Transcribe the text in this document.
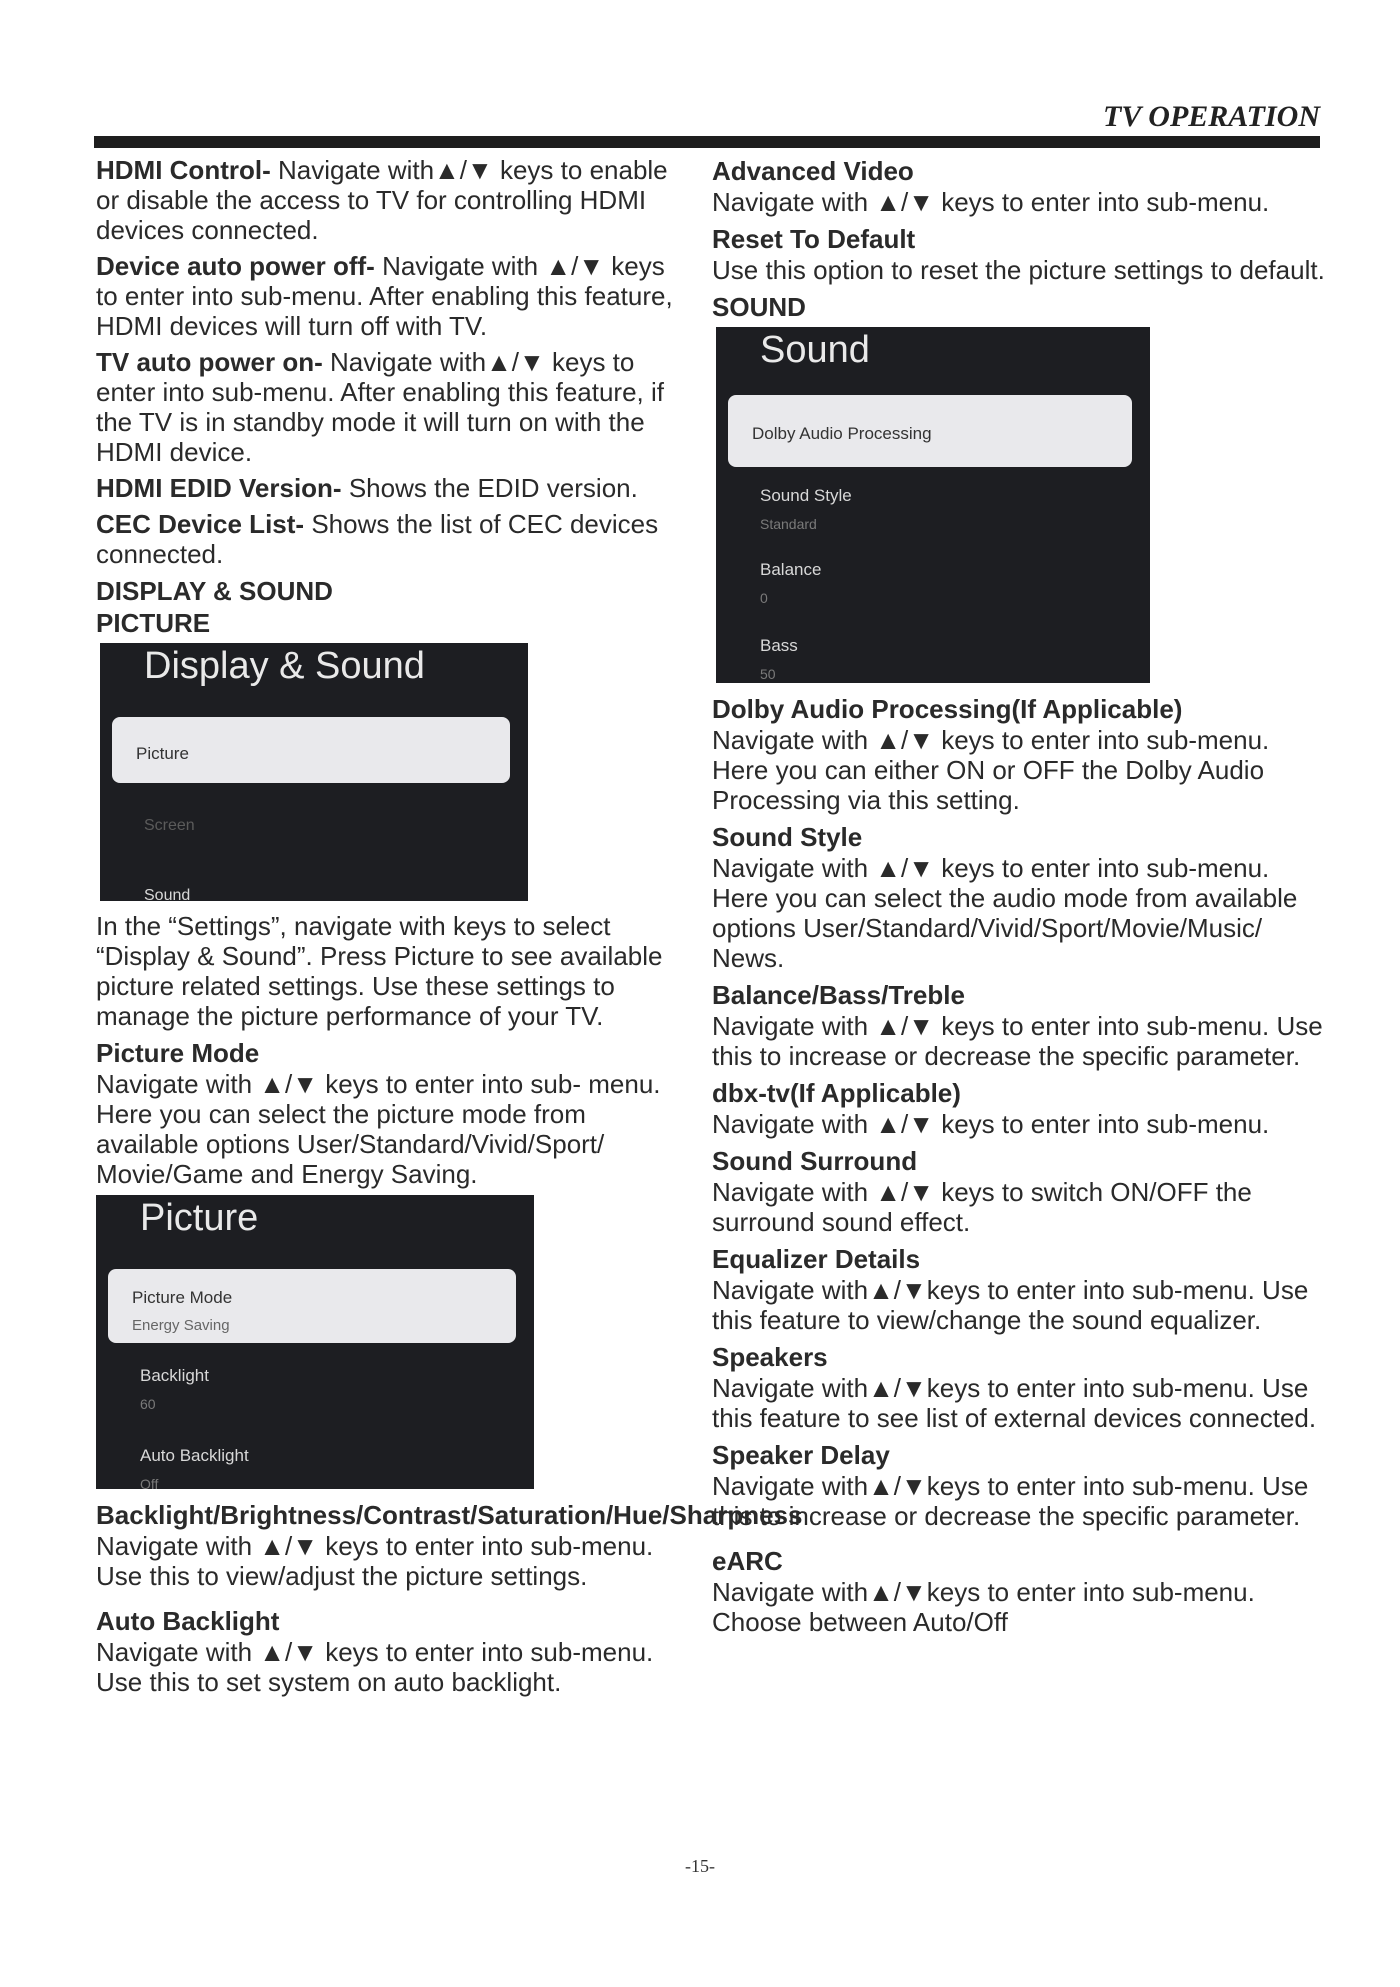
TV OPERATION

HDMI Control- Navigate with▲/▼ keys to enable or disable the access to TV for controlling HDMI devices connected.

Device auto power off- Navigate with ▲/▼ keys to enter into sub-menu. After enabling this feature, HDMI devices will turn off with TV.

TV auto power on- Navigate with▲/▼ keys to enter into sub-menu. After enabling this feature, if the TV is in standby mode it will turn on with the HDMI device.

HDMI EDID Version- Shows the EDID version.

CEC Device List- Shows the list of CEC devices connected.

DISPLAY & SOUND
PICTURE
Display & Sound
Picture
Screen
Sound

In the “Settings”, navigate with keys to select “Display & Sound”. Press Picture to see available picture related settings. Use these settings to manage the picture performance of your TV.

Picture Mode

Navigate with ▲/▼ keys to enter into sub- menu. Here you can select the picture mode from available options User/Standard/Vivid/Sport/ Movie/Game and Energy Saving.

Picture
Picture Mode
Energy Saving
Backlight
60
Auto Backlight
Off
Backlight/Brightness/Contrast/Saturation/Hue/Sharpness

Navigate with ▲/▼ keys to enter into sub-menu. Use this to view/adjust the picture settings.

Auto Backlight

Navigate with ▲/▼ keys to enter into sub-menu. Use this to set system on auto backlight.

Advanced Video

Navigate with ▲/▼ keys to enter into sub-menu.

Reset To Default

Use this option to reset the picture settings to default.

SOUND
Sound
Dolby Audio Processing
Sound Style
Standard
Balance
0
Bass
50
Dolby Audio Processing(If Applicable)

Navigate with ▲/▼ keys to enter into sub-menu. Here you can either ON or OFF the Dolby Audio Processing via this setting.

Sound Style

Navigate with ▲/▼ keys to enter into sub-menu. Here you can select the audio mode from available options User/Standard/Vivid/Sport/Movie/Music/ News.

Balance/Bass/Treble

Navigate with ▲/▼ keys to enter into sub-menu. Use this to increase or decrease the specific parameter.

dbx-tv(If Applicable)

Navigate with ▲/▼ keys to enter into sub-menu.

Sound Surround

Navigate with ▲/▼ keys to switch ON/OFF the surround sound effect.

Equalizer Details

Navigate with▲/▼keys to enter into sub-menu. Use this feature to view/change the sound equalizer.

Speakers

Navigate with▲/▼keys to enter into sub-menu. Use this feature to see list of external devices connected.

Speaker Delay

Navigate with▲/▼keys to enter into sub-menu. Use this to increase or decrease the specific parameter.

eARC

Navigate with▲/▼keys to enter into sub-menu. Choose between Auto/Off

-15-
